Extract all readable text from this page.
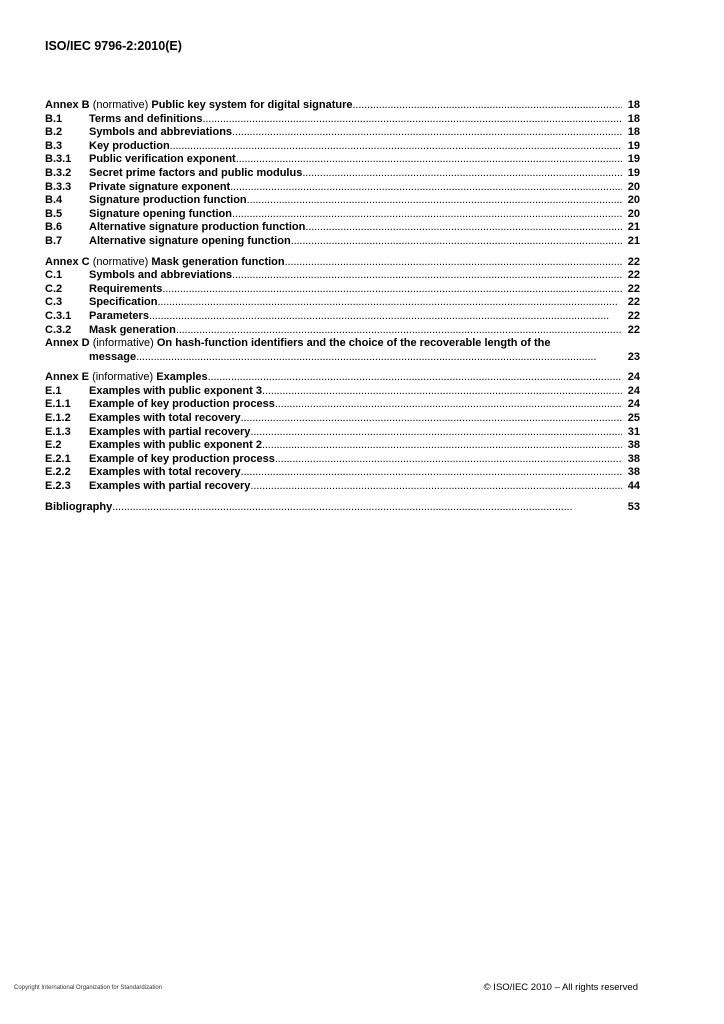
ISO/IEC 9796-2:2010(E)
Annex B (normative) Public key system for digital signature . . .	18
B.1	Terms and definitions . . .	18
B.2	Symbols and abbreviations . . .	18
B.3	Key production . . .	19
B.3.1	Public verification exponent . . .	19
B.3.2	Secret prime factors and public modulus . . .	19
B.3.3	Private signature exponent . . .	20
B.4	Signature production function . . .	20
B.5	Signature opening function . . .	20
B.6	Alternative signature production function . . .	21
B.7	Alternative signature opening function . . .	21
Annex C (normative) Mask generation function . . .	22
C.1	Symbols and abbreviations . . .	22
C.2	Requirements . . .	22
C.3	Specification . . .	22
C.3.1	Parameters . . .	22
C.3.2	Mask generation . . .	22
Annex D (informative) On hash-function identifiers and the choice of the recoverable length of the
message . . .	23
Annex E (informative) Examples . . .	24
E.1	Examples with public exponent 3 . . .	24
E.1.1	Example of key production process . . .	24
E.1.2	Examples with total recovery . . .	25
E.1.3	Examples with partial recovery . . .	31
E.2	Examples with public exponent 2 . . .	38
E.2.1	Example of key production process . . .	38
E.2.2	Examples with total recovery . . .	38
E.2.3	Examples with partial recovery . . .	44
Bibliography . . .	53
Copyright International Organization for Standardization	© ISO/IEC 2010 – All rights reserved
